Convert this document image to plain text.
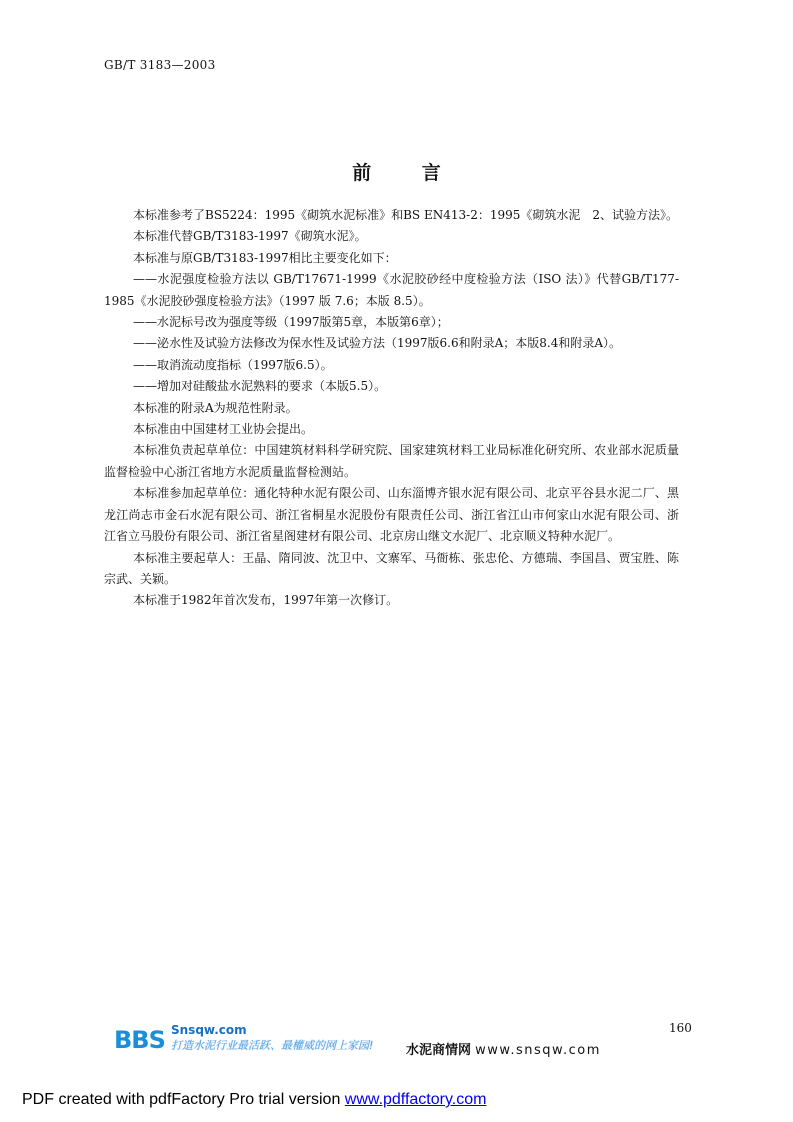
GB/T 3183—2003
前 言

本标准参考了BS5224：1995《砌筑水泥标准》和BS EN413-2：1995《砌筑水泥　2、试验方法》。

本标准代替GB/T3183-1997《砌筑水泥》。

本标准与原GB/T3183-1997相比主要变化如下：

——水泥强度检验方法以 GB/T17671-1999《水泥胶砂经中度检验方法（ISO 法）》代替GB/T177-1985《水泥胶砂强度检验方法》（1997 版 7.6；本版 8.5）。

——水泥标号改为强度等级（1997版第5章，本版第6章）；

——泌水性及试验方法修改为保水性及试验方法（1997版6.6和附录A；本版8.4和附录A）。

——取消流动度指标（1997版6.5）。

——增加对硅酸盐水泥熟料的要求（本版5.5）。

本标准的附录A为规范性附录。

本标准由中国建材工业协会提出。

本标准负责起草单位：中国建筑材料科学研究院、国家建筑材料工业局标准化研究所、农业部水泥质量监督检验中心浙江省地方水泥质量监督检测站。

本标准参加起草单位：通化特种水泥有限公司、山东淄博齐银水泥有限公司、北京平谷县水泥二厂、黑龙江尚志市金石水泥有限公司、浙江省桐星水泥股份有限责任公司、浙江省江山市何家山水泥有限公司、浙江省立马股份有限公司、浙江省星阁建材有限公司、北京房山继文水泥厂、北京顺义特种水泥厂。

本标准主要起草人：王晶、隋同波、沈卫中、文寨军、马衙栋、张忠伦、方德瑞、李国昌、贾宝胜、陈宗武、关颖。

本标准于1982年首次发布，1997年第一次修订。

160
BBS Snsqw.com
打造水泥行业最活跃、最權威的网上家园!	水泥商情网 www.snsqw.com
PDF created with pdfFactory Pro trial version www.pdffactory.com
